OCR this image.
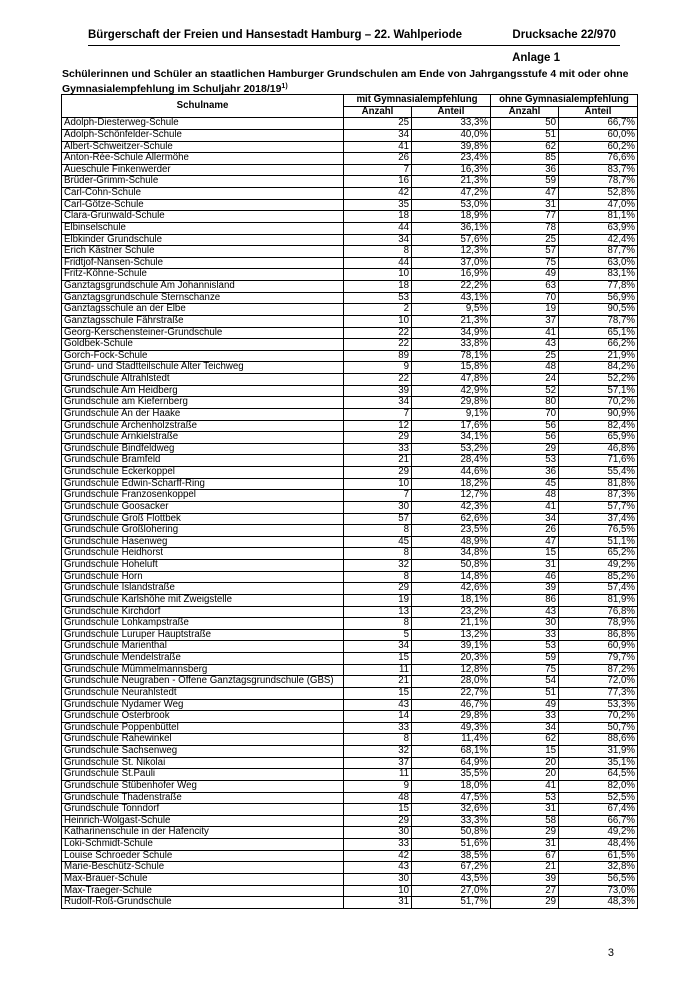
Bürgerschaft der Freien und Hansestadt Hamburg – 22. Wahlperiode	Drucksache 22/970
Anlage 1
Schülerinnen und Schüler an staatlichen Hamburger Grundschulen am Ende von Jahrgangsstufe 4 mit oder ohne Gymnasialempfehlung im Schuljahr 2018/19$^{1)}$
Schulname	mit Gymnasialempfehlung		ohne Gymnasialempfehlung	
	Anzahl	Anteil	Anzahl	Anteil
Adolph-Diesterweg-Schule	25	33,3%	50	66,7%
Adolph-Schönfelder-Schule	34	40,0%	51	60,0%
Albert-Schweitzer-Schule	41	39,8%	62	60,2%
Anton-Rée-Schule Allermöhe	26	23,4%	85	76,6%
Aueschule Finkenwerder	7	16,3%	36	83,7%
Brüder-Grimm-Schule	16	21,3%	59	78,7%
Carl-Cohn-Schule	42	47,2%	47	52,8%
Carl-Götze-Schule	35	53,0%	31	47,0%
Clara-Grunwald-Schule	18	18,9%	77	81,1%
Elbinselschule	44	36,1%	78	63,9%
Elbkinder Grundschule	34	57,6%	25	42,4%
Erich Kästner Schule	8	12,3%	57	87,7%
Fridtjof-Nansen-Schule	44	37,0%	75	63,0%
Fritz-Köhne-Schule	10	16,9%	49	83,1%
Ganztagsgrundschule Am Johannisland	18	22,2%	63	77,8%
Ganztagsgrundschule Sternschanze	53	43,1%	70	56,9%
Ganztagsschule an der Elbe	2	9,5%	19	90,5%
Ganztagsschule Fährstraße	10	21,3%	37	78,7%
Georg-Kerschensteiner-Grundschule	22	34,9%	41	65,1%
Goldbek-Schule	22	33,8%	43	66,2%
Gorch-Fock-Schule	89	78,1%	25	21,9%
Grund- und Stadtteilschule Alter Teichweg	9	15,8%	48	84,2%
Grundschule Altrahlstedt	22	47,8%	24	52,2%
Grundschule Am Heidberg	39	42,9%	52	57,1%
Grundschule am Kiefernberg	34	29,8%	80	70,2%
Grundschule An der Haake	7	9,1%	70	90,9%
Grundschule Archenholzstraße	12	17,6%	56	82,4%
Grundschule Arnkielstraße	29	34,1%	56	65,9%
Grundschule Bindfeldweg	33	53,2%	29	46,8%
Grundschule Bramfeld	21	28,4%	53	71,6%
Grundschule Eckerkoppel	29	44,6%	36	55,4%
Grundschule Edwin-Scharff-Ring	10	18,2%	45	81,8%
Grundschule Franzosenkoppel	7	12,7%	48	87,3%
Grundschule Goosacker	30	42,3%	41	57,7%
Grundschule Groß Flottbek	57	62,6%	34	37,4%
Grundschule Großlohering	8	23,5%	26	76,5%
Grundschule Hasenweg	45	48,9%	47	51,1%
Grundschule Heidhorst	8	34,8%	15	65,2%
Grundschule Hoheluft	32	50,8%	31	49,2%
Grundschule Horn	8	14,8%	46	85,2%
Grundschule Islandstraße	29	42,6%	39	57,4%
Grundschule Karlshöhe mit Zweigstelle	19	18,1%	86	81,9%
Grundschule Kirchdorf	13	23,2%	43	76,8%
Grundschule Lohkampstraße	8	21,1%	30	78,9%
Grundschule Luruper Hauptstraße	5	13,2%	33	86,8%
Grundschule Marienthal	34	39,1%	53	60,9%
Grundschule Mendelstraße	15	20,3%	59	79,7%
Grundschule Mümmelmannsberg	11	12,8%	75	87,2%
Grundschule Neugraben - Offene Ganztagsgrundschule (GBS)	21	28,0%	54	72,0%
Grundschule Neurahlstedt	15	22,7%	51	77,3%
Grundschule Nydamer Weg	43	46,7%	49	53,3%
Grundschule Osterbrook	14	29,8%	33	70,2%
Grundschule Poppenbüttel	33	49,3%	34	50,7%
Grundschule Rahewinkel	8	11,4%	62	88,6%
Grundschule Sachsenweg	32	68,1%	15	31,9%
Grundschule St. Nikolai	37	64,9%	20	35,1%
Grundschule St.Pauli	11	35,5%	20	64,5%
Grundschule Stübenhofer Weg	9	18,0%	41	82,0%
Grundschule Thadenstraße	48	47,5%	53	52,5%
Grundschule Tonndorf	15	32,6%	31	67,4%
Heinrich-Wolgast-Schule	29	33,3%	58	66,7%
Katharinenschule in der Hafencity	30	50,8%	29	49,2%
Loki-Schmidt-Schule	33	51,6%	31	48,4%
Louise Schroeder Schule	42	38,5%	67	61,5%
Marie-Beschütz-Schule	43	67,2%	21	32,8%
Max-Brauer-Schule	30	43,5%	39	56,5%
Max-Traeger-Schule	10	27,0%	27	73,0%
Rudolf-Roß-Grundschule	31	51,7%	29	48,3%
3
